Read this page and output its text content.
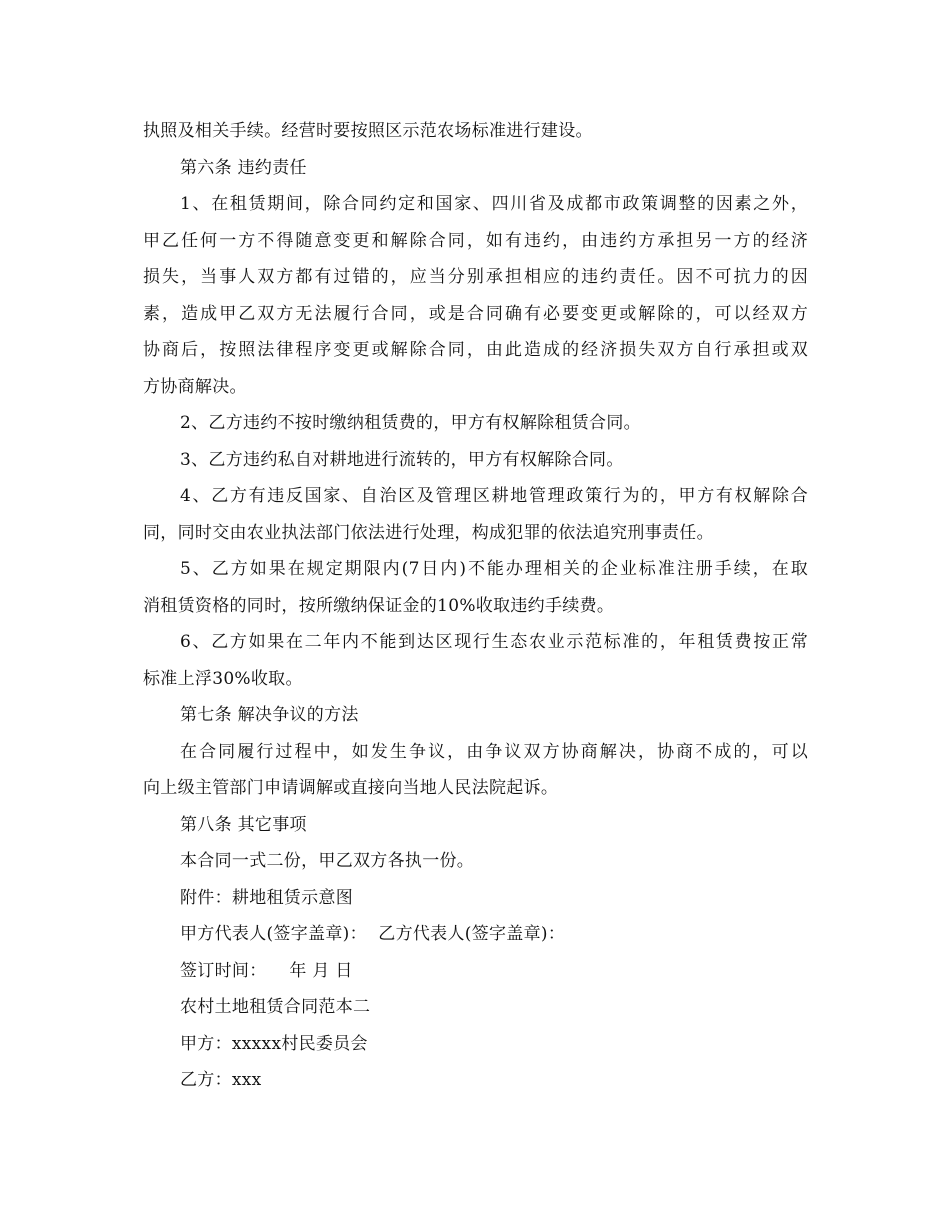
执照及相关手续。经营时要按照区示范农场标准进行建设。
第六条 违约责任
1、在租赁期间，除合同约定和国家、四川省及成都市政策调整的因素之外，
甲乙任何一方不得随意变更和解除合同，如有违约，由违约方承担另一方的经济
损失，当事人双方都有过错的，应当分别承担相应的违约责任。因不可抗力的因
素，造成甲乙双方无法履行合同，或是合同确有必要变更或解除的，可以经双方
协商后，按照法律程序变更或解除合同，由此造成的经济损失双方自行承担或双
方协商解决。
2、乙方违约不按时缴纳租赁费的，甲方有权解除租赁合同。
3、乙方违约私自对耕地进行流转的，甲方有权解除合同。
4、乙方有违反国家、自治区及管理区耕地管理政策行为的，甲方有权解除合
同，同时交由农业执法部门依法进行处理，构成犯罪的依法追究刑事责任。
5、乙方如果在规定期限内(7日内)不能办理相关的企业标准注册手续，在取
消租赁资格的同时，按所缴纳保证金的10%收取违约手续费。
6、乙方如果在二年内不能到达区现行生态农业示范标准的，年租赁费按正常
标准上浮30%收取。
第七条 解决争议的方法
在合同履行过程中，如发生争议，由争议双方协商解决，协商不成的，可以
向上级主管部门申请调解或直接向当地人民法院起诉。
第八条 其它事项
本合同一式二份，甲乙双方各执一份。
附件：耕地租赁示意图
甲方代表人(签字盖章)：  乙方代表人(签字盖章)：
签订时间：    年 月 日
农村土地租赁合同范本二
甲方：xxxxx村民委员会
乙方：xxx
